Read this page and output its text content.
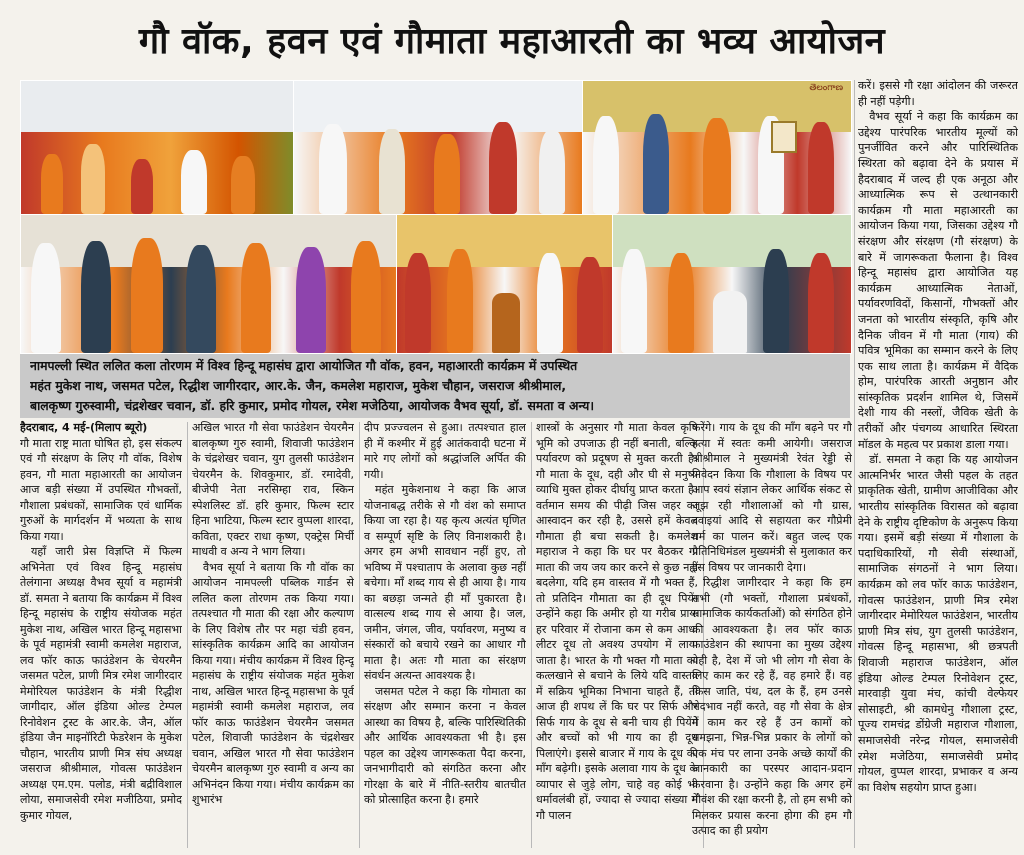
गौ वॉक, हवन एवं गौमाता महाआरती का भव्य आयोजन

करें। इससे गौ रक्षा आंदोलन की जरूरत ही नहीं पड़ेगी।

वैभव सूर्या ने कहा कि कार्यक्रम का उद्देश्य पारंपरिक भारतीय मूल्यों को पुनर्जीवित करने और पारिस्थितिक स्थिरता को बढ़ावा देने के प्रयास में हैदराबाद में जल्द ही एक अनूठा और आध्यात्मिक रूप से उत्थानकारी कार्यक्रम गौ माता महाआरती का आयोजन किया गया, जिसका उद्देश्य गौ संरक्षण और संरक्षण (गौ संरक्षण) के बारे में जागरूकता फैलाना है। विश्व हिन्दू महासंघ द्वारा आयोजित यह कार्यक्रम आध्यात्मिक नेताओं, पर्यावरणविदों, किसानों, गौभक्तों और जनता को भारतीय संस्कृति, कृषि और दैनिक जीवन में गौ माता (गाय) की पवित्र भूमिका का सम्मान करने के लिए एक साथ लाता है। कार्यक्रम में वैदिक होम, पारंपरिक आरती अनुष्ठान और सांस्कृतिक प्रदर्शन शामिल थे, जिसमें देशी गाय की नस्लों, जैविक खेती के तरीकों और पंचगव्य आधारित स्थिरता मॉडल के महत्व पर प्रकाश डाला गया।

डॉ. समता ने कहा कि यह आयोजन आत्मनिर्भर भारत जैसी पहल के तहत प्राकृतिक खेती, ग्रामीण आजीविका और भारतीय सांस्कृतिक विरासत को बढ़ावा देने के राष्ट्रीय दृष्टिकोण के अनुरूप किया गया। इसमें बड़ी संख्या में गौशाला के पदाधिकारियों, गौ सेवी संस्थाओं, सामाजिक संगठनों ने भाग लिया। कार्यक्रम को लव फॉर काऊ फाउंडेशन, गोवत्स फाउंडेशन, प्राणी मित्र रमेश जागीरदार मेमोरियल फाउंडेशन, भारतीय प्राणी मित्र संघ, युग तुलसी फाउंडेशन, गोवत्स हिन्दू महासभा, श्री छत्रपती शिवाजी महाराज फाउंडेशन, ऑल इंडिया ओल्ड टेम्पल रिनोवेशन ट्रस्ट, मारवाड़ी युवा मंच, कांची वेल्फेयर सोसाइटी, श्री कामधेनु गौशाला ट्रस्ट, पूज्य रामचंद्र डोंग्रेजी महाराज गौशाला, समाजसेवी नरेन्द्र गोयल, समाजसेवी रमेश मजेठिया, समाजसेवी प्रमोद गोयल, वुप्पल शारदा, प्रभाकर व अन्य का विशेष सहयोग प्राप्त हुआ।

తెలంగాణ
नामपल्ली स्थित ललित कला तोरणम में विश्व हिन्दू महासंघ द्वारा आयोजित गौ वॉक, हवन, महाआरती कार्यक्रम में उपस्थित
महंत मुकेश नाथ, जसमत पटेल, रिद्धीश जागीरदार, आर.के. जैन, कमलेश महाराज, मुकेश चौहान, जसराज श्रीश्रीमाल,
बालकृष्ण गुरुस्वामी, चंद्रशेखर चवान, डॉ. हरि कुमार, प्रमोद गोयल, रमेश मजेठिया, आयोजक वैभव सूर्या, डॉ. समता व अन्य।

हैदराबाद, 4 मई-(मिलाप ब्यूरो)

गौ माता राष्ट्र माता घोषित हो, इस संकल्प एवं गौ संरक्षण के लिए गौ वॉक, विशेष हवन, गौ माता महाआरती का आयोजन आज बड़ी संख्या में उपस्थित गौभक्तों, गौशाला प्रबंधकों, सामाजिक एवं धार्मिक गुरुओं के मार्गदर्शन में भव्यता के साथ किया गया।

यहाँ जारी प्रेस विज्ञप्ति में फिल्म अभिनेता एवं विश्व हिन्दू महासंघ तेलंगाना अध्यक्ष वैभव सूर्या व महामंत्री डॉ. समता ने बताया कि कार्यक्रम में विश्व हिन्दू महासंघ के राष्ट्रीय संयोजक महंत मुकेश नाथ, अखिल भारत हिन्दू महासभा के पूर्व महामंत्री स्वामी कमलेश महाराज, लव फॉर काऊ फाउंडेशन के चेयरमैन जसमत पटेल, प्राणी मित्र रमेश जागीरदार मेमोरियल फाउंडेशन के मंत्री रिद्धीश जागीदार, ऑल इंडिया ओल्ड टेम्पल रिनोवेशन ट्रस्ट के आर.के. जैन, ऑल इंडिया जैन माइनॉरिटी फेडरेशन के मुकेश चौहान, भारतीय प्राणी मित्र संघ अध्यक्ष जसराज श्रीश्रीमाल, गोवत्स फाउंडेशन अध्यक्ष एम.एम. पलोड, मंत्री बद्रीविशाल लोया, समाजसेवी रमेश मजीठिया, प्रमोद कुमार गोयल,

अखिल भारत गौ सेवा फाउंडेशन चेयरमैन बालकृष्ण गुरु स्वामी, शिवाजी फाउंडेशन के चंद्रशेखर चवान, युग तुलसी फाउंडेशन चेयरमैन के. शिवकुमार, डॉ. रमादेवी, बीजेपी नेता नरसिम्हा राव, स्किन स्पेशलिस्ट डॉ. हरि कुमार, फिल्म स्टार हिना भाटिया, फिल्म स्टार वुप्पला शारदा, कविता, एक्टर राधा कृष्ण, एक्ट्रेस मिर्ची माधवी व अन्य ने भाग लिया।

वैभव सूर्या ने बताया कि गौ वॉक का आयोजन नामपल्ली पब्लिक गार्डन से ललित कला तोरणम तक किया गया। तत्पश्चात गौ माता की रक्षा और कल्याण के लिए विशेष तौर पर महा चंडी हवन, सांस्कृतिक कार्यक्रम आदि का आयोजन किया गया। मंचीय कार्यक्रम में विश्व हिन्दू महासंघ के राष्ट्रीय संयोजक महंत मुकेश नाथ, अखिल भारत हिन्दू महासभा के पूर्व महामंत्री स्वामी कमलेश महाराज, लव फॉर काऊ फाउंडेशन चेयरमैन जसमत पटेल, शिवाजी फाउंडेशन के चंद्रशेखर चवान, अखिल भारत गौ सेवा फाउंडेशन चेयरमैन बालकृष्ण गुरु स्वामी व अन्य का अभिनंदन किया गया। मंचीय कार्यक्रम का शुभारंभ

दीप प्रज्ज्वलन से हुआ। तत्पश्चात हाल ही में कश्मीर में हुई आतंकवादी घटना में मारे गए लोगों को श्रद्धांजलि अर्पित की गयी।

महंत मुकेशनाथ ने कहा कि आज योजनाबद्ध तरीके से गौ वंश को समाप्त किया जा रहा है। यह कृत्य अत्यंत घृणित व सम्पूर्ण सृष्टि के लिए विनाशकारी है। अगर हम अभी सावधान नहीं हुए, तो भविष्य में पश्चाताप के अलावा कुछ नहीं बचेगा। माँ शब्द गाय से ही आया है। गाय का बछड़ा जन्मते ही माँ पुकारता है। वात्सल्य शब्द गाय से आया है। जल, जमीन, जंगल, जीव, पर्यावरण, मनुष्य व संस्कारों को बचाये रखने का आधार गौ माता है। अतः गौ माता का संरक्षण संवर्धन अत्यन्त आवश्यक है।

जसमत पटेल ने कहा कि गोमाता का संरक्षण और सम्मान करना न केवल आस्था का विषय है, बल्कि पारिस्थितिकी और आर्थिक आवश्यकता भी है। इस पहल का उद्देश्य जागरूकता पैदा करना, जनभागीदारी को संगठित करना और गोरक्षा के बारे में नीति-स्तरीय बातचीत को प्रोत्साहित करना है। हमारे

शास्त्रों के अनुसार गौ माता केवल कृषि भूमि को उपजाऊ ही नहीं बनाती, बल्कि पर्यावरण को प्रदूषण से मुक्त करती है। गौ माता के दूध, दही और घी से मनुष्य व्याधि मुक्त होकर दीर्घायु प्राप्त करता है। वर्तमान समय की पीढ़ी जिस जहर का आस्वादन कर रही है, उससे हमें केवल गौमाता ही बचा सकती है। कमलेश महाराज ने कहा कि घर पर बैठकर गौ माता की जय जय कार करने से कुछ नहीं बदलेगा, यदि हम वास्तव में गौ भक्त हैं, तो प्रतिदिन गौमाता का ही दूध पियें। उन्होंने कहा कि अमीर हो या गरीब प्रायः हर परिवार में रोजाना कम से कम आधा लीटर दूध तो अवश्य उपयोग में लाया जाता है। भारत के गौ भक्त गौ माता को कत्लखाने से बचाने के लिये यदि वास्तव में सक्रिय भूमिका निभाना चाहते हैं, तो आज ही शपथ लें कि घर पर सिर्फ और सिर्फ गाय के दूध से बनी चाय ही पियेंगे और बच्चों को भी गाय का ही दूध पिलाएंगे। इससे बाजार में गाय के दूध की माँग बढ़ेगी। इसके अलावा गाय के दूध के व्यापार से जुड़े लोग, चाहे वह कोई भी धर्मावलंबी हों, ज्यादा से ज्यादा संख्या में गौ पालन

करेंगे। गाय के दूध की माँग बढ़ने पर गौ हत्या में स्वतः कमी आयेगी। जसराज श्रीश्रीमाल ने मुख्यमंत्री रेवंत रेड्डी से निवेदन किया कि गौशाला के विषय पर आप स्वयं संज्ञान लेकर आर्थिक संकट से जूझ रही गौशालाओं को गौ ग्रास, दवाइयां आदि से सहायता कर गौप्रेमी धर्म का पालन करें। बहुत जल्द एक प्रतिनिधिमंडल मुख्यमंत्री से मुलाकात कर इस विषय पर जानकारी देगा।

रिद्धीश जागीरदार ने कहा कि हम सभी (गौ भक्तों, गौशाला प्रबंधकों, सामाजिक कार्यकर्ताओं) को संगठित होने की आवश्यकता है। लव फॉर काऊ फाउंडेशन की स्थापना का मुख्य उद्देश्य यही है, देश में जो भी लोग गौ सेवा के लिए काम कर रहे हैं, वह हमारे हैं। वह किस जाति, पंथ, दल के हैं, हम उनसे भेदभाव नहीं करते, वह गौ सेवा के क्षेत्र में काम कर रहे हैं उन कामों को समझना, भिन्न-भिन्न प्रकार के लोगों को एक मंच पर लाना उनके अच्छे कार्यों की जानकारी का परस्पर आदान-प्रदान करवाना है। उन्होंने कहा कि अगर हमें गौवंश की रक्षा करनी है, तो हम सभी को मिलकर प्रयास करना होगा की हम गौ उत्पाद का ही प्रयोग
